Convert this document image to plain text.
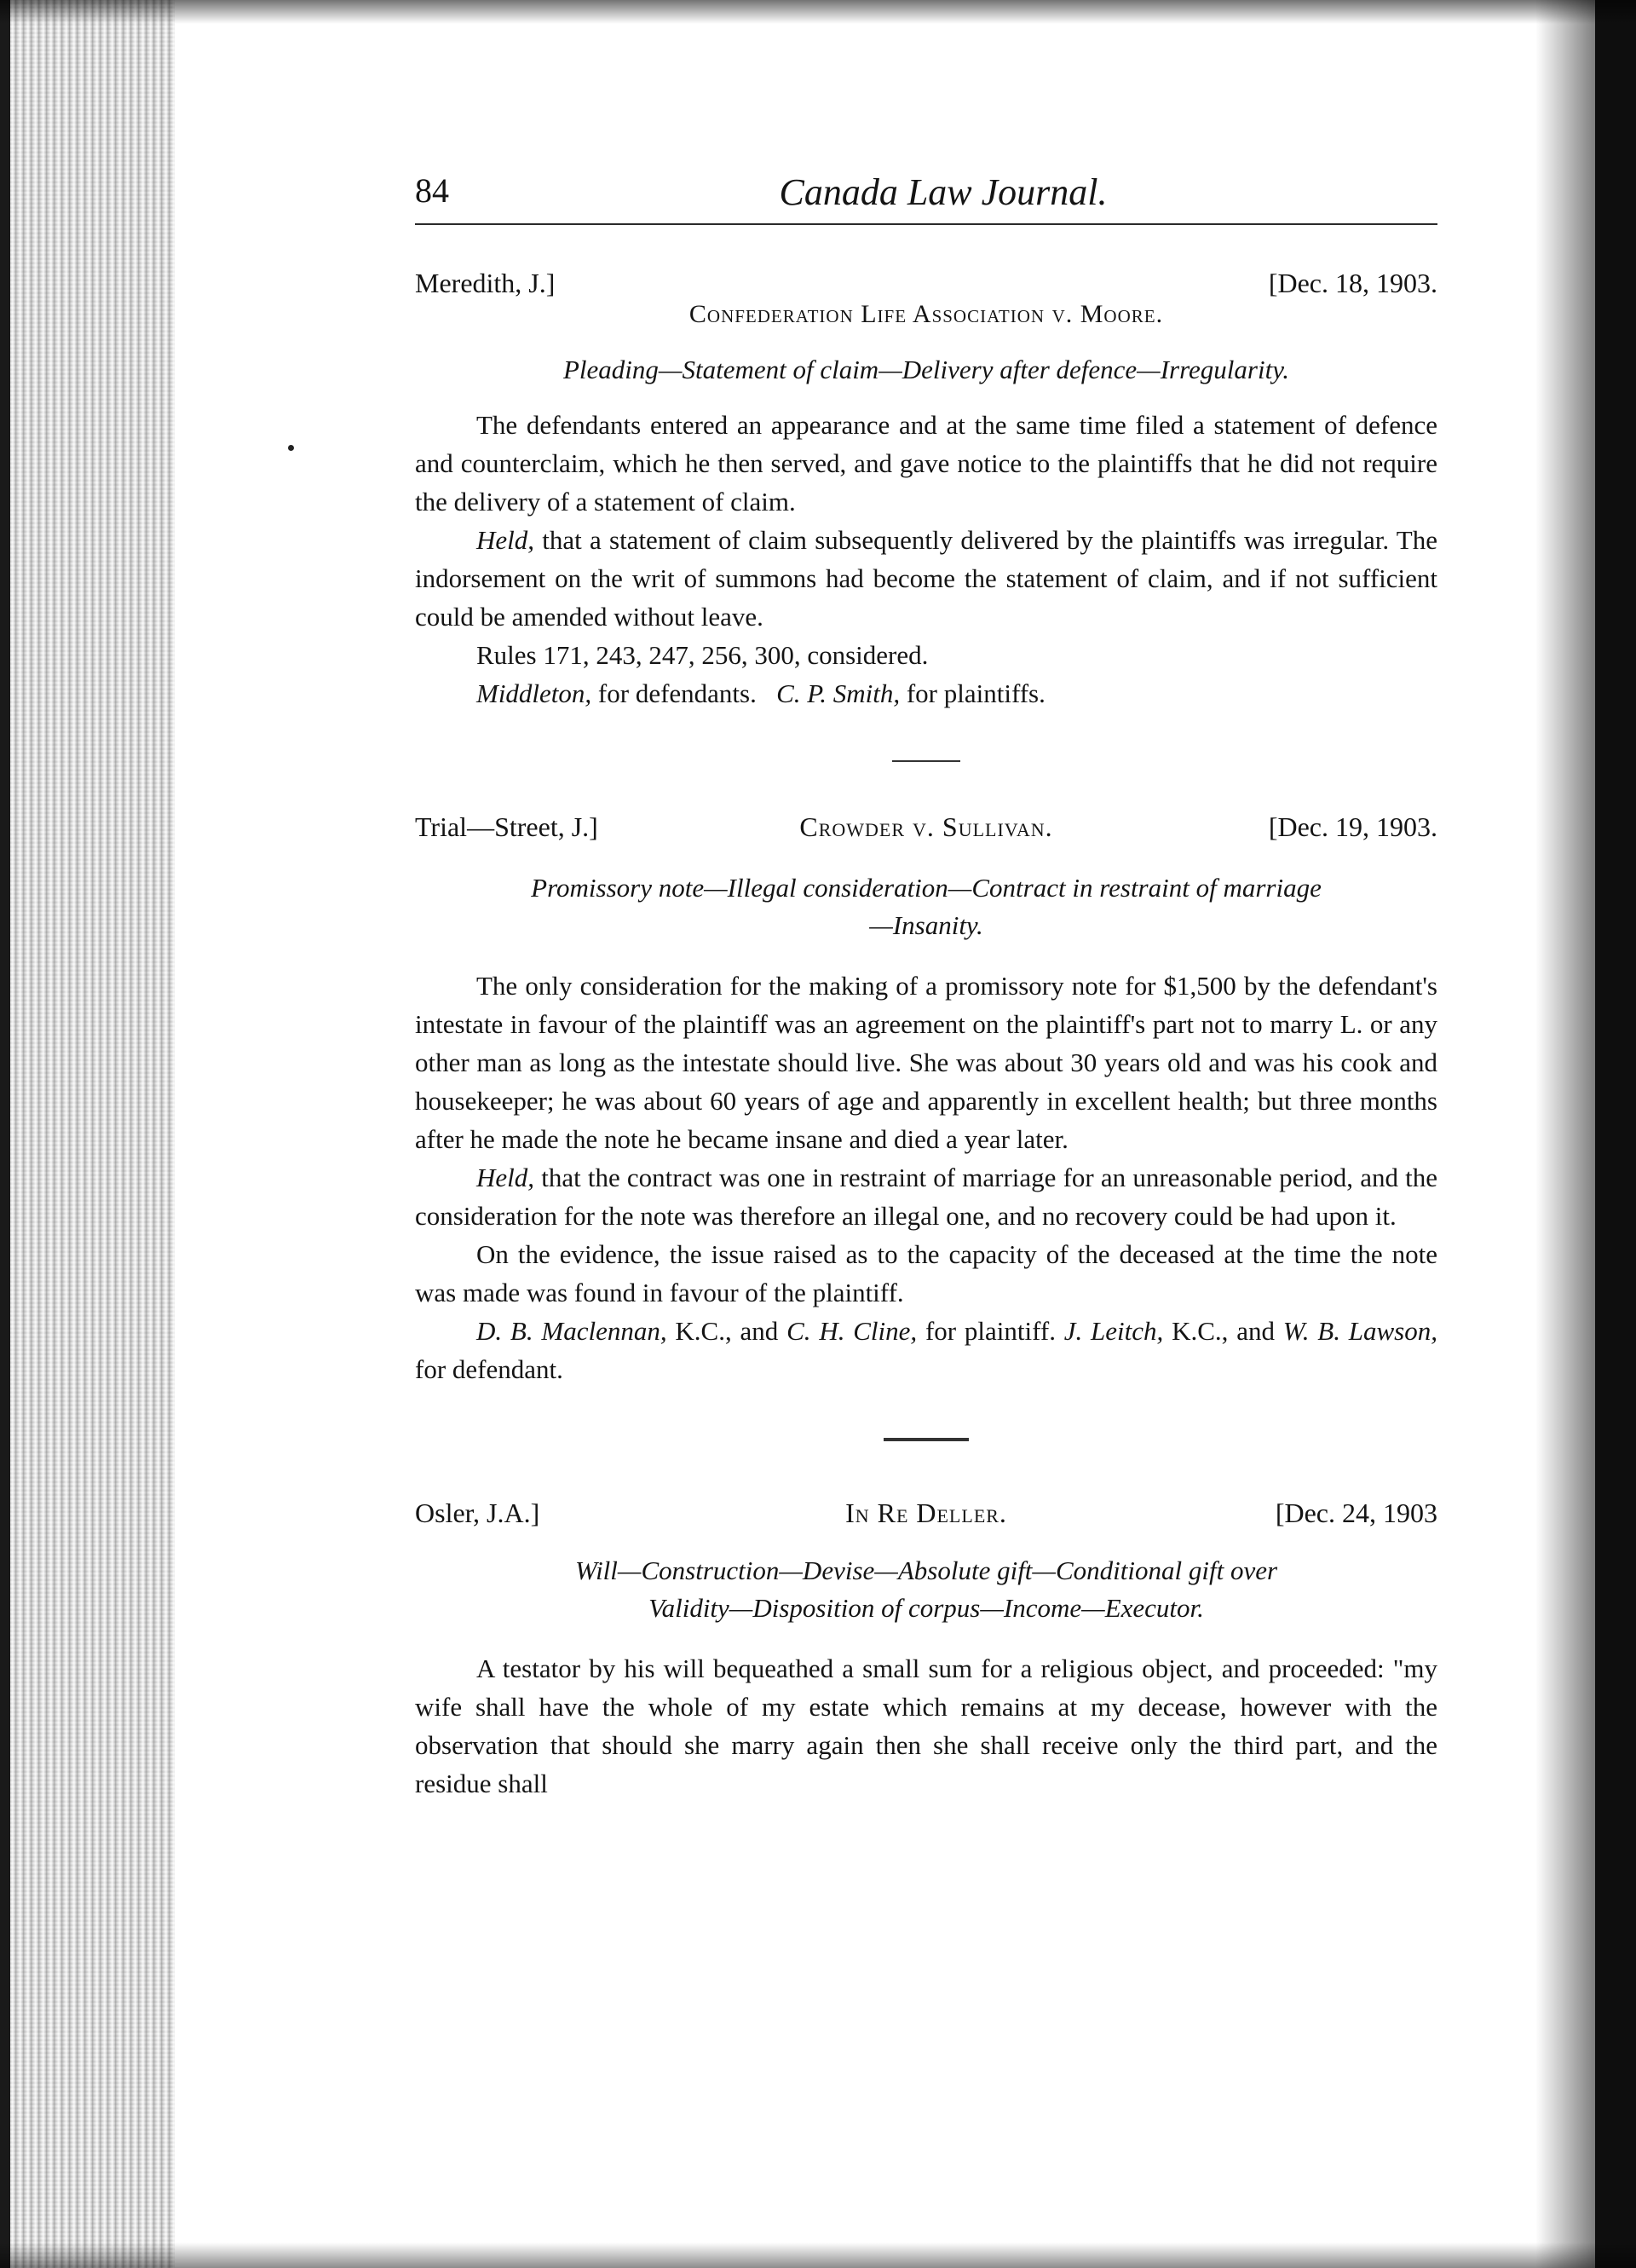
84	Canada Law Journal.
Meredith, J.]	[Dec. 18, 1903.
Confederation Life Association v. Moore.
Pleading—Statement of claim—Delivery after defence—Irregularity.

The defendants entered an appearance and at the same time filed a statement of defence and counterclaim, which he then served, and gave notice to the plaintiffs that he did not require the delivery of a statement of claim.

Held, that a statement of claim subsequently delivered by the plaintiffs was irregular. The indorsement on the writ of summons had become the statement of claim, and if not sufficient could be amended without leave.

Rules 171, 243, 247, 256, 300, considered.

Middleton, for defendants. C. P. Smith, for plaintiffs.

Trial—Street, J.]	Crowder v. Sullivan.	[Dec. 19, 1903.
Promissory note—Illegal consideration—Contract in restraint of marriage
—Insanity.

The only consideration for the making of a promissory note for $1,500 by the defendant's intestate in favour of the plaintiff was an agreement on the plaintiff's part not to marry L. or any other man as long as the intestate should live. She was about 30 years old and was his cook and housekeeper; he was about 60 years of age and apparently in excellent health; but three months after he made the note he became insane and died a year later.

Held, that the contract was one in restraint of marriage for an unreasonable period, and the consideration for the note was therefore an illegal one, and no recovery could be had upon it.

On the evidence, the issue raised as to the capacity of the deceased at the time the note was made was found in favour of the plaintiff.

D. B. Maclennan, K.C., and C. H. Cline, for plaintiff. J. Leitch, K.C., and W. B. Lawson, for defendant.

Osler, J.A.]	In Re Deller.	[Dec. 24, 1903
Will—Construction—Devise—Absolute gift—Conditional gift over
Validity—Disposition of corpus—Income—Executor.

A testator by his will bequeathed a small sum for a religious object, and proceeded: "my wife shall have the whole of my estate which remains at my decease, however with the observation that should she marry again then she shall receive only the third part, and the residue shall
